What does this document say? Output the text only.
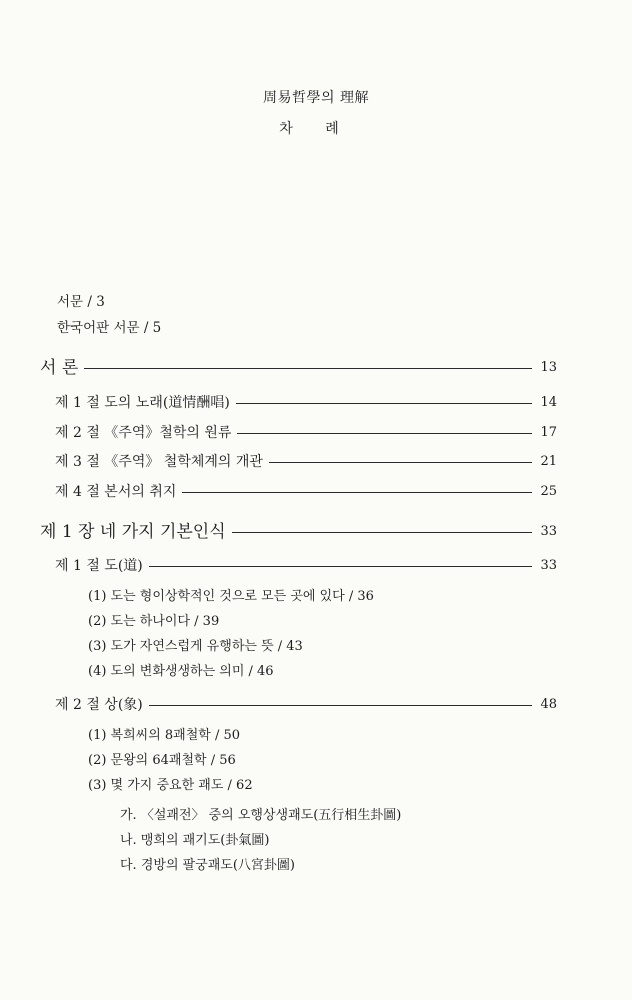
周易哲學의 理解
차 례
서문 / 3
한국어판 서문 / 5
서 론	13
제 1 절 도의 노래(道情酬唱)	14
제 2 절 《주역》철학의 원류	17
제 3 절 《주역》 철학체계의 개관	21
제 4 절 본서의 취지	25
제 1 장 네 가지 기본인식	33
제 1 절 도(道)	33
(1) 도는 형이상학적인 것으로 모든 곳에 있다 / 36
(2) 도는 하나이다 / 39
(3) 도가 자연스럽게 유행하는 뜻 / 43
(4) 도의 변화생생하는 의미 / 46
제 2 절 상(象)	48
(1) 복희씨의 8괘철학 / 50
(2) 문왕의 64괘철학 / 56
(3) 몇 가지 중요한 괘도 / 62
가. 〈설괘전〉 중의 오행상생괘도(五行相生卦圖)
나. 맹희의 괘기도(卦氣圖)
다. 경방의 팔궁괘도(八宮卦圖)
